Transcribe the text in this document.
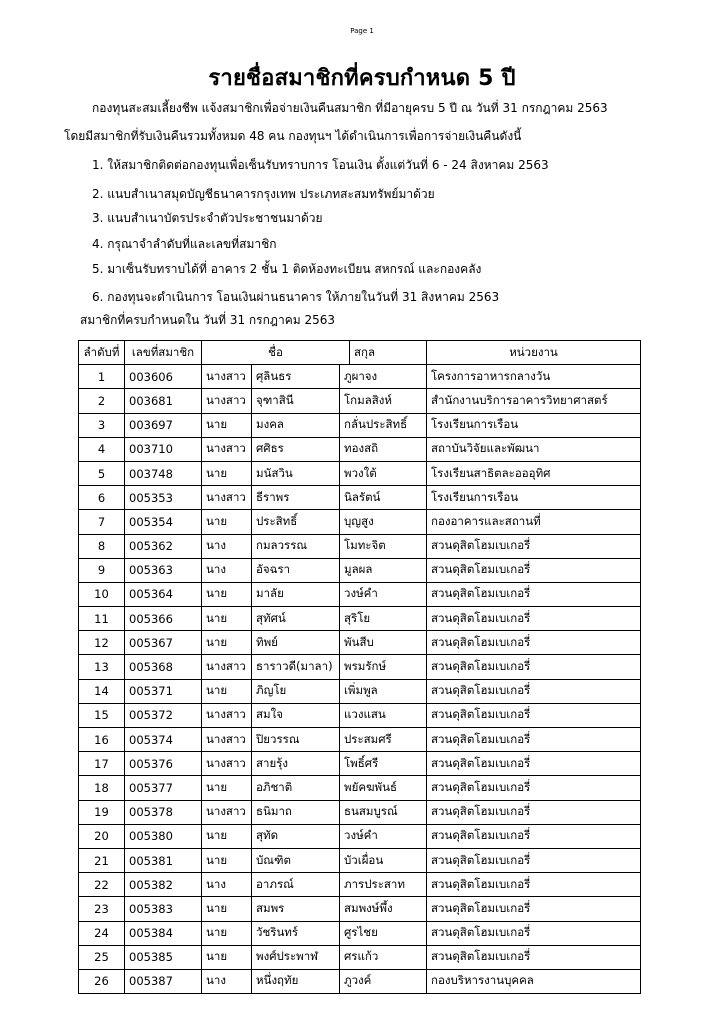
Page 1
รายชื่อสมาชิกที่ครบกำหนด 5 ปี
กองทุนสะสมเลี้ยงชีพ แจ้งสมาชิกเพื่อจ่ายเงินคืนสมาชิก ที่มีอายุครบ 5 ปี ณ วันที่ 31 กรกฎาคม 2563
โดยมีสมาชิกที่รับเงินคืนรวมทั้งหมด 48 คน กองทุนฯ ได้ดำเนินการเพื่อการจ่ายเงินคืนดังนี้
1. ให้สมาชิกติดต่อกองทุนเพื่อเซ็นรับทราบการ โอนเงิน ตั้งแต่วันที่ 6 - 24 สิงหาคม 2563
2. แนบสำเนาสมุดบัญชีธนาคารกรุงเทพ ประเภทสะสมทรัพย์มาด้วย
3. แนบสำเนาบัตรประจำตัวประชาชนมาด้วย
4. กรุณาจำลำดับที่และเลขที่สมาชิก
5. มาเซ็นรับทราบได้ที่ อาคาร 2 ชั้น 1 ติดห้องทะเบียน สหกรณ์ และกองคลัง
6. กองทุนจะดำเนินการ โอนเงินผ่านธนาคาร ให้ภายในวันที่ 31 สิงหาคม 2563
สมาชิกที่ครบกำหนดใน วันที่ 31 กรกฎาคม 2563
ลำดับที่	เลขที่สมาชิก	ชื่อ สกุล			หน่วยงาน
1	003606	นางสาว	ศุลินธร	ภูผาจง	โครงการอาหารกลางวัน
2	003681	นางสาว	จุฑาสินี	โกมลสิงห์	สำนักงานบริการอาคารวิทยาศาสตร์
3	003697	นาย	มงคล	กลั่นประสิทธิ์	โรงเรียนการเรือน
4	003710	นางสาว	ศศิธร	ทองสถิ	สถาบันวิจัยและพัฒนา
5	003748	นาย	มนัสวิน	พวงใต้	โรงเรียนสาธิตละอออุทิศ
6	005353	นางสาว	ธีราพร	นิลรัตน์	โรงเรียนการเรือน
7	005354	นาย	ประสิทธิ์	บุญสูง	กองอาคารและสถานที่
8	005362	นาง	กมลวรรณ	โมทะจิต	สวนดุสิตโฮมเบเกอรี่
9	005363	นาง	อัจฉรา	มูลผล	สวนดุสิตโฮมเบเกอรี่
10	005364	นาย	มาลัย	วงษ์คำ	สวนดุสิตโฮมเบเกอรี่
11	005366	นาย	สุทัศน์	สุริโย	สวนดุสิตโฮมเบเกอรี่
12	005367	นาย	ทิพย์	พันสีบ	สวนดุสิตโฮมเบเกอรี่
13	005368	นางสาว	ธาราวดี(มาลา)	พรมรักษ์	สวนดุสิตโฮมเบเกอรี่
14	005371	นาย	ภิญโย	เพิ่มพูล	สวนดุสิตโฮมเบเกอรี่
15	005372	นางสาว	สมใจ	แวงแสน	สวนดุสิตโฮมเบเกอรี่
16	005374	นางสาว	ปิยวรรณ	ประสมศรี	สวนดุสิตโฮมเบเกอรี่
17	005376	นางสาว	สายรุ้ง	โพธิ์ศรี	สวนดุสิตโฮมเบเกอรี่
18	005377	นาย	อภิชาติ	พยัคฆพันธ์	สวนดุสิตโฮมเบเกอรี่
19	005378	นางสาว	ธนิมาถ	ธนสมบูรณ์	สวนดุสิตโฮมเบเกอรี่
20	005380	นาย	สุทัด	วงษ์คำ	สวนดุสิตโฮมเบเกอรี่
21	005381	นาย	บัณฑิต	บัวเผื่อน	สวนดุสิตโฮมเบเกอรี่
22	005382	นาง	อาภรณ์	ภารประสาท	สวนดุสิตโฮมเบเกอรี่
23	005383	นาย	สมพร	สมพงษ์พึ้ง	สวนดุสิตโฮมเบเกอรี่
24	005384	นาย	วัชรินทร์	ศูรไชย	สวนดุสิตโฮมเบเกอรี่
25	005385	นาย	พงศ์ประพาฬ	ศรแก้ว	สวนดุสิตโฮมเบเกอรี่
26	005387	นาง	หนึ่งฤทัย	ภูวงค์	กองบริหารงานบุคคล
